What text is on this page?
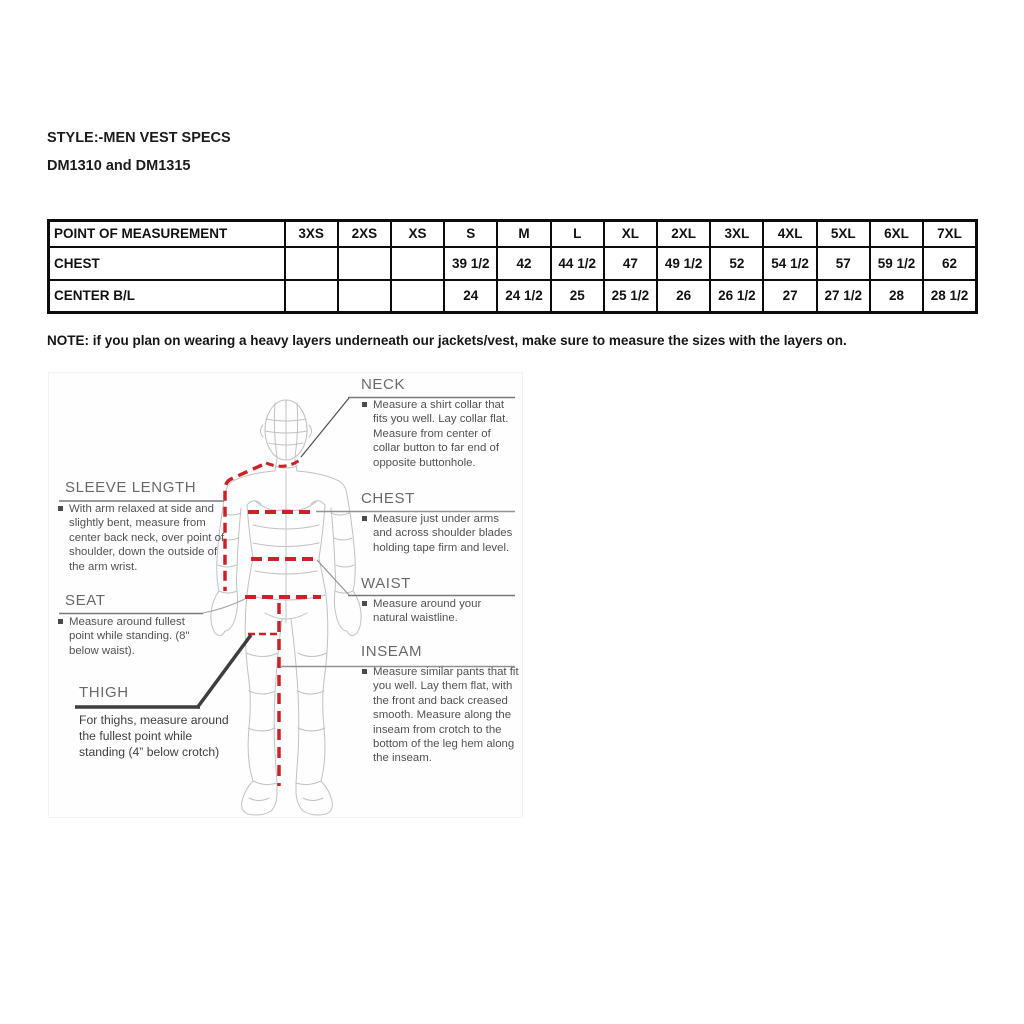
STYLE:-MEN VEST SPECS
DM1310 and DM1315
POINT OF MEASUREMENT	3XS	2XS	XS	S	M	L	XL	2XL	3XL	4XL	5XL	6XL	7XL
CHEST				39 1/2	42	44 1/2	47	49 1/2	52	54 1/2	57	59 1/2	62
CENTER B/L				24	24 1/2	25	25 1/2	26	26 1/2	27	27 1/2	28	28 1/2
NOTE: if you plan on wearing a heavy layers underneath our jackets/vest, make sure to measure the sizes with the layers on.
NECK
Measure a shirt collar that fits you well. Lay collar flat. Measure from center of collar button to far end of opposite buttonhole.
CHEST
Measure just under arms and across shoulder blades holding tape firm and level.
WAIST
Measure around your natural waistline.
INSEAM
Measure similar pants that fit you well. Lay them flat, with the front and back creased smooth. Measure along the inseam from crotch to the bottom of the leg hem along the inseam.
SLEEVE LENGTH
With arm relaxed at side and slightly bent, measure from center back neck, over point of shoulder, down the outside of the arm wrist.
SEAT
Measure around fullest point while standing. (8" below waist).
THIGH
For thighs, measure around the fullest point while standing (4” below crotch)
